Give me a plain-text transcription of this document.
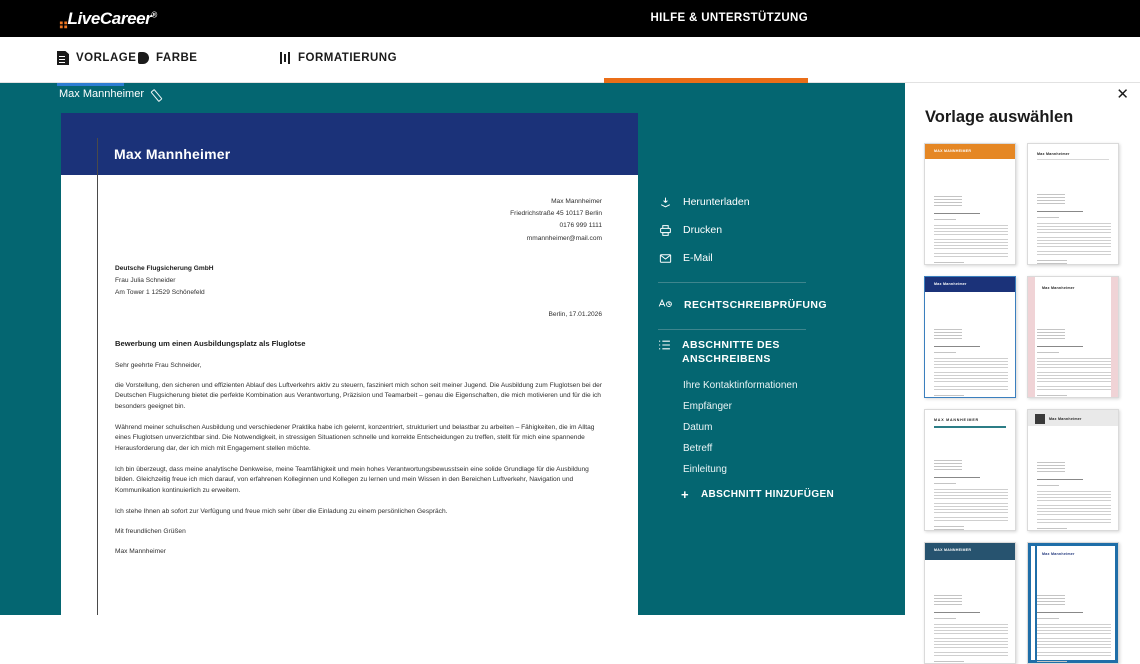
⣤LiveCareer®	HILFE & UNTERSTÜTZUNG
VORLAGE FARBE	FORMATIERUNG
Max Mannheimer
Herunterladen
Drucken
E-Mail
RECHTSCHREIBPRÜFUNG
ABSCHNITTE DES ANSCHREIBENS
Ihre Kontaktinformationen
Empfänger
Datum
Betreff
Einleitung
+ ABSCHNITT HINZUFÜGEN
Max Mannheimer
Max Mannheimer
Friedrichstraße 45 10117 Berlin
0176 999 1111
mmannheimer@mail.com
Deutsche Flugsicherung GmbH
Frau Julia Schneider
Am Tower 1 12529 Schönefeld
Berlin, 17.01.2026
Bewerbung um einen Ausbildungsplatz als Fluglotse

Sehr geehrte Frau Schneider,

die Vorstellung, den sicheren und effizienten Ablauf des Luftverkehrs aktiv zu steuern, fasziniert mich schon seit meiner Jugend. Die Ausbildung zum Fluglotsen bei der Deutschen Flugsicherung bietet die perfekte Kombination aus Verantwortung, Präzision und Teamarbeit – genau die Eigenschaften, die mich motivieren und für die ich besonders geeignet bin.

Während meiner schulischen Ausbildung und verschiedener Praktika habe ich gelernt, konzentriert, strukturiert und belastbar zu arbeiten – Fähigkeiten, die im Alltag eines Fluglotsen unverzichtbar sind. Die Notwendigkeit, in stressigen Situationen schnelle und korrekte Entscheidungen zu treffen, stellt für mich eine spannende Herausforderung dar, der ich mich mit Engagement stellen möchte.

Ich bin überzeugt, dass meine analytische Denkweise, meine Teamfähigkeit und mein hohes Verantwortungsbewusstsein eine solide Grundlage für die Ausbildung bilden. Gleichzeitig freue ich mich darauf, von erfahrenen Kolleginnen und Kollegen zu lernen und mein Wissen in den Bereichen Luftverkehr, Navigation und Kommunikation kontinuierlich zu erweitern.

Ich stehe Ihnen ab sofort zur Verfügung und freue mich sehr über die Einladung zu einem persönlichen Gespräch.

Mit freundlichen Grüßen

Max Mannheimer

✕
Vorlage auswählen
MAX MANNHEIMER
Max Mannheimer
Max Mannheimer
Max Mannheimer
MAX MANNHEIMER	Max Mannheimer
MAX MANNHEIMER
Max Mannheimer
